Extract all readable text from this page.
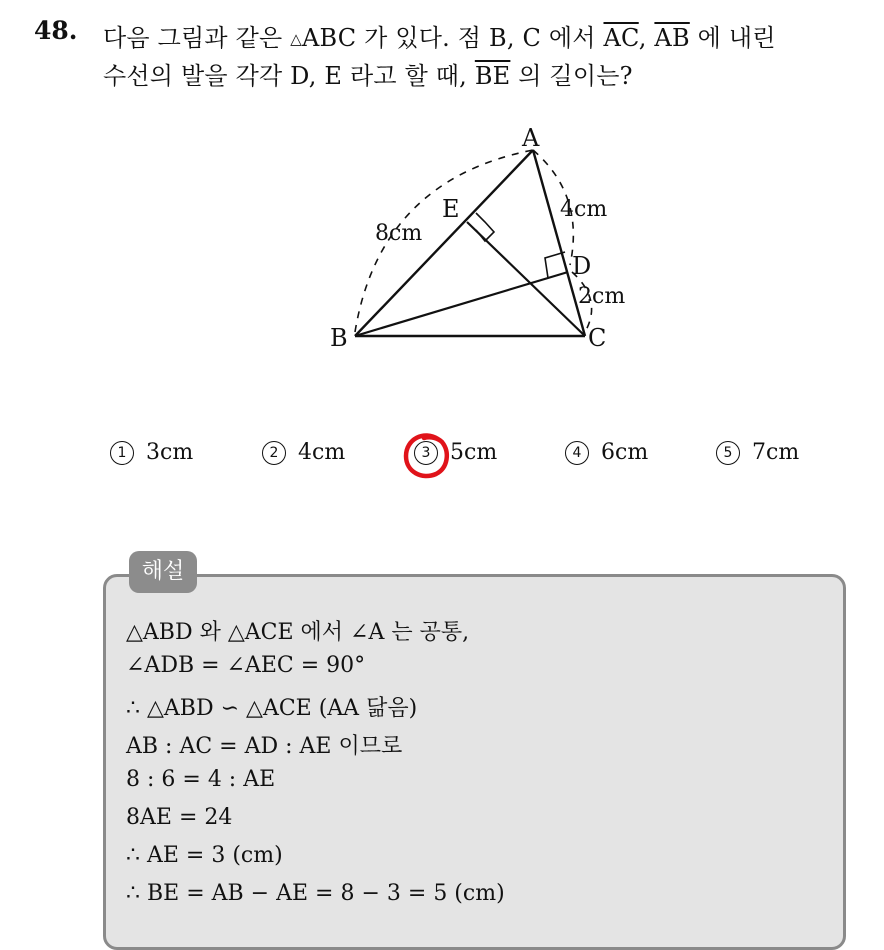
48. 다음 그림과 같은 △ABC 가 있다. 점 B, C 에서 $\overline{AC}$, $\overline{AB}$ 에 내린
수선의 발을 각각 D, E 라고 할 때, $\overline{BE}$ 의 길이는?
A
B	C
D
E
8cm
4cm
2cm
1 3cm	2 4cm	3 5cm	4 6cm	5 7cm
해설
△ABD 와 △ACE 에서 ∠A 는 공통,
∠ADB = ∠AEC = 90°
∴ △ABD ∽ △ACE (AA 닮음)
AB : AC = AD : AE 이므로
8 : 6 = 4 : AE
8AE = 24
∴ AE = 3 (cm)
∴ BE = AB − AE = 8 − 3 = 5 (cm)
